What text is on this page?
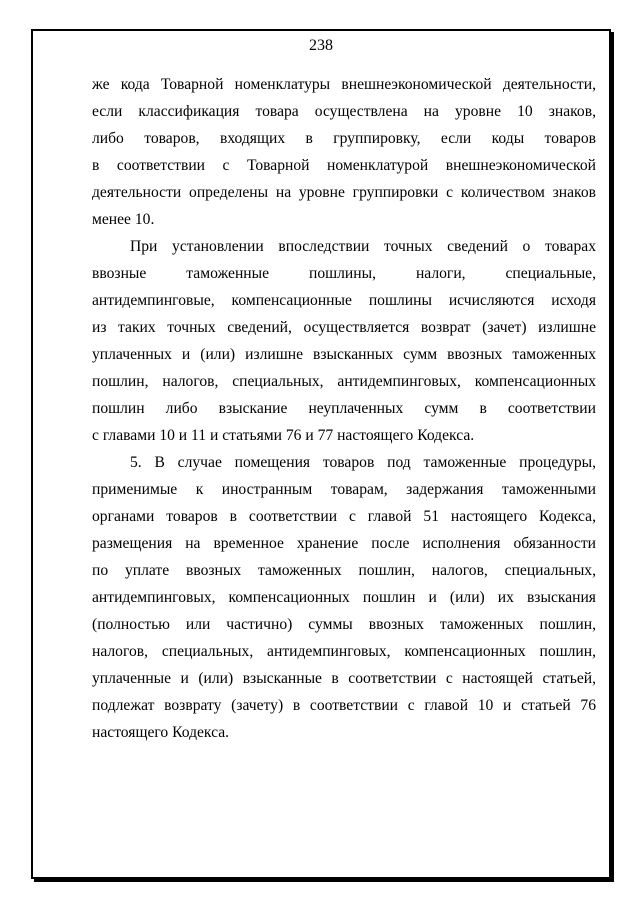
238
же кода Товарной номенклатуры внешнеэкономической деятельности,
если классификация товара осуществлена на уровне 10 знаков,
либо товаров, входящих в группировку, если коды товаров
в соответствии с Товарной номенклатурой внешнеэкономической
деятельности определены на уровне группировки с количеством знаков
менее 10.
При установлении впоследствии точных сведений о товарах
ввозные таможенные пошлины, налоги, специальные,
антидемпинговые, компенсационные пошлины исчисляются исходя
из таких точных сведений, осуществляется возврат (зачет) излишне
уплаченных и (или) излишне взысканных сумм ввозных таможенных
пошлин, налогов, специальных, антидемпинговых, компенсационных
пошлин либо взыскание неуплаченных сумм в соответствии
с главами 10 и 11 и статьями 76 и 77 настоящего Кодекса.
5. В случае помещения товаров под таможенные процедуры,
применимые к иностранным товарам, задержания таможенными
органами товаров в соответствии с главой 51 настоящего Кодекса,
размещения на временное хранение после исполнения обязанности
по уплате ввозных таможенных пошлин, налогов, специальных,
антидемпинговых, компенсационных пошлин и (или) их взыскания
(полностью или частично) суммы ввозных таможенных пошлин,
налогов, специальных, антидемпинговых, компенсационных пошлин,
уплаченные и (или) взысканные в соответствии с настоящей статьей,
подлежат возврату (зачету) в соответствии с главой 10 и статьей 76
настоящего Кодекса.
